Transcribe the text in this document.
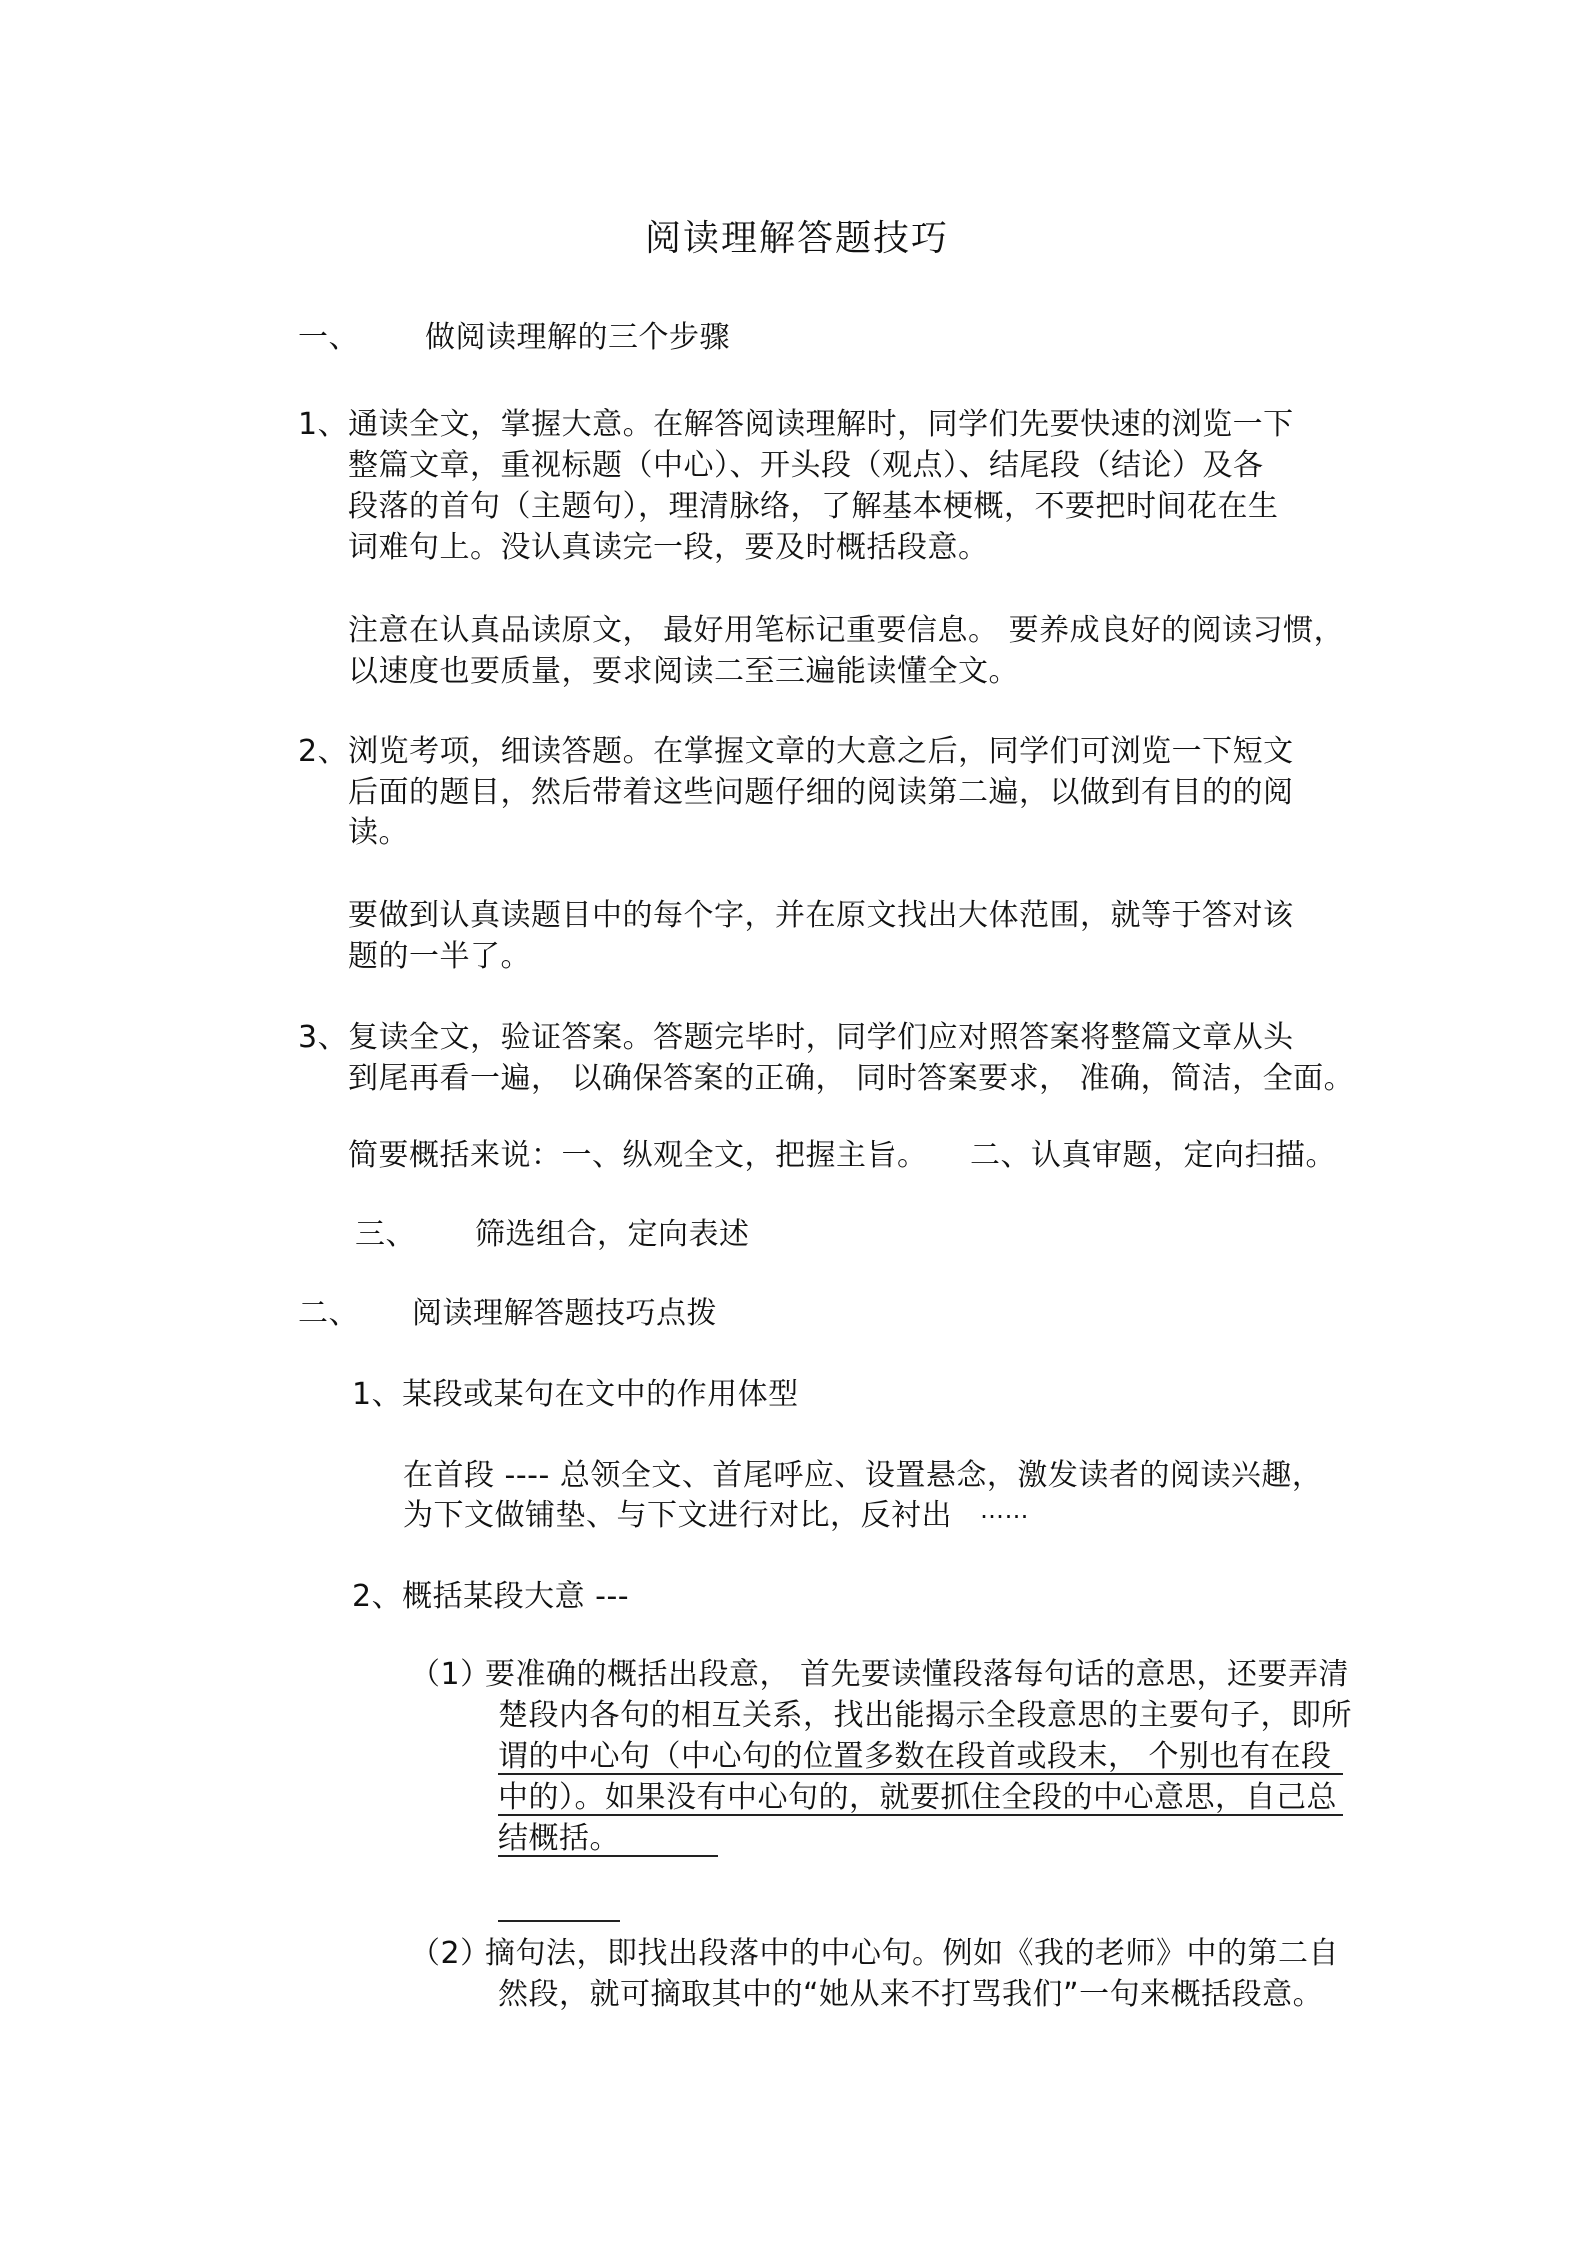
阅读理解答题技巧
一、 做阅读理解的三个步骤
1、通读全文，掌握大意。在解答阅读理解时，同学们先要快速的浏览一下
整篇文章，重视标题（中心）、开头段（观点）、结尾段（结论）及各
段落的首句（主题句），理清脉络，了解基本梗概，不要把时间花在生
词难句上。没认真读完一段，要及时概括段意。
注意在认真品读原文， 最好用笔标记重要信息。 要养成良好的阅读习惯，
以速度也要质量，要求阅读二至三遍能读懂全文。
2、浏览考项，细读答题。在掌握文章的大意之后，同学们可浏览一下短文
后面的题目，然后带着这些问题仔细的阅读第二遍，以做到有目的的阅
读。
要做到认真读题目中的每个字，并在原文找出大体范围，就等于答对该
题的一半了。
3、复读全文，验证答案。答题完毕时，同学们应对照答案将整篇文章从头
到尾再看一遍， 以确保答案的正确， 同时答案要求， 准确，简洁，全面。
简要概括来说：一、纵观全文，把握主旨。 二、认真审题，定向扫描。
三、 筛选组合，定向表述
二、 阅读理解答题技巧点拨
1、某段或某句在文中的作用体型
在首段 ---- 总领全文、首尾呼应、设置悬念，激发读者的阅读兴趣，
为下文做铺垫、与下文进行对比，反衬出 ……
2、概括某段大意 ---
（1）
要准确的概括出段意， 首先要读懂段落每句话的意思，还要弄清
楚段内各句的相互关系，找出能揭示全段意思的主要句子，即所
谓的中心句（中心句的位置多数在段首或段末， 个别也有在段
中的）。如果没有中心句的，就要抓住全段的中心意思，自己总
结概括。
（2）
摘句法，即找出段落中的中心句。例如《我的老师》中的第二自
然段，就可摘取其中的“她从来不打骂我们”一句来概括段意。
